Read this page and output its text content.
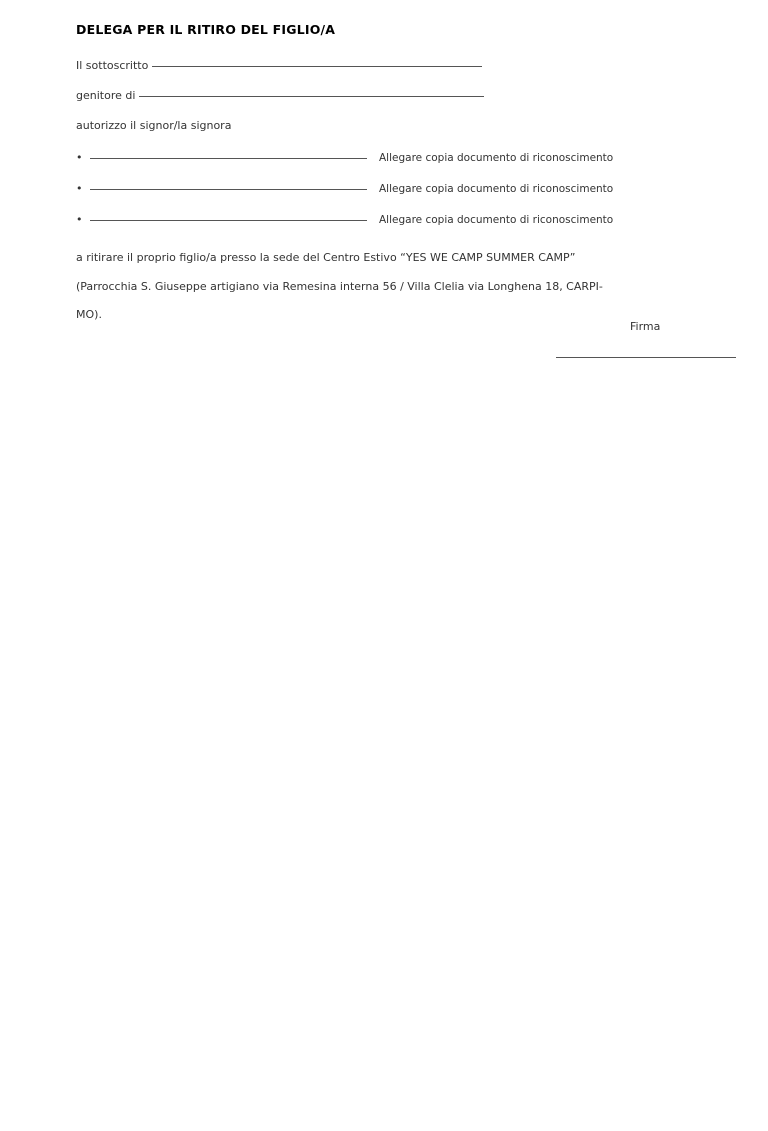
DELEGA PER IL RITIRO DEL FIGLIO/A
Il sottoscritto
genitore di
autorizzo il signor/la signora
•	Allegare copia documento di riconoscimento
•	Allegare copia documento di riconoscimento
•	Allegare copia documento di riconoscimento
a ritirare il proprio figlio/a presso la sede del Centro Estivo “YES WE CAMP SUMMER CAMP”
(Parrocchia S. Giuseppe artigiano via Remesina interna 56 / Villa Clelia via Longhena 18, CARPI-
MO).
Firma
